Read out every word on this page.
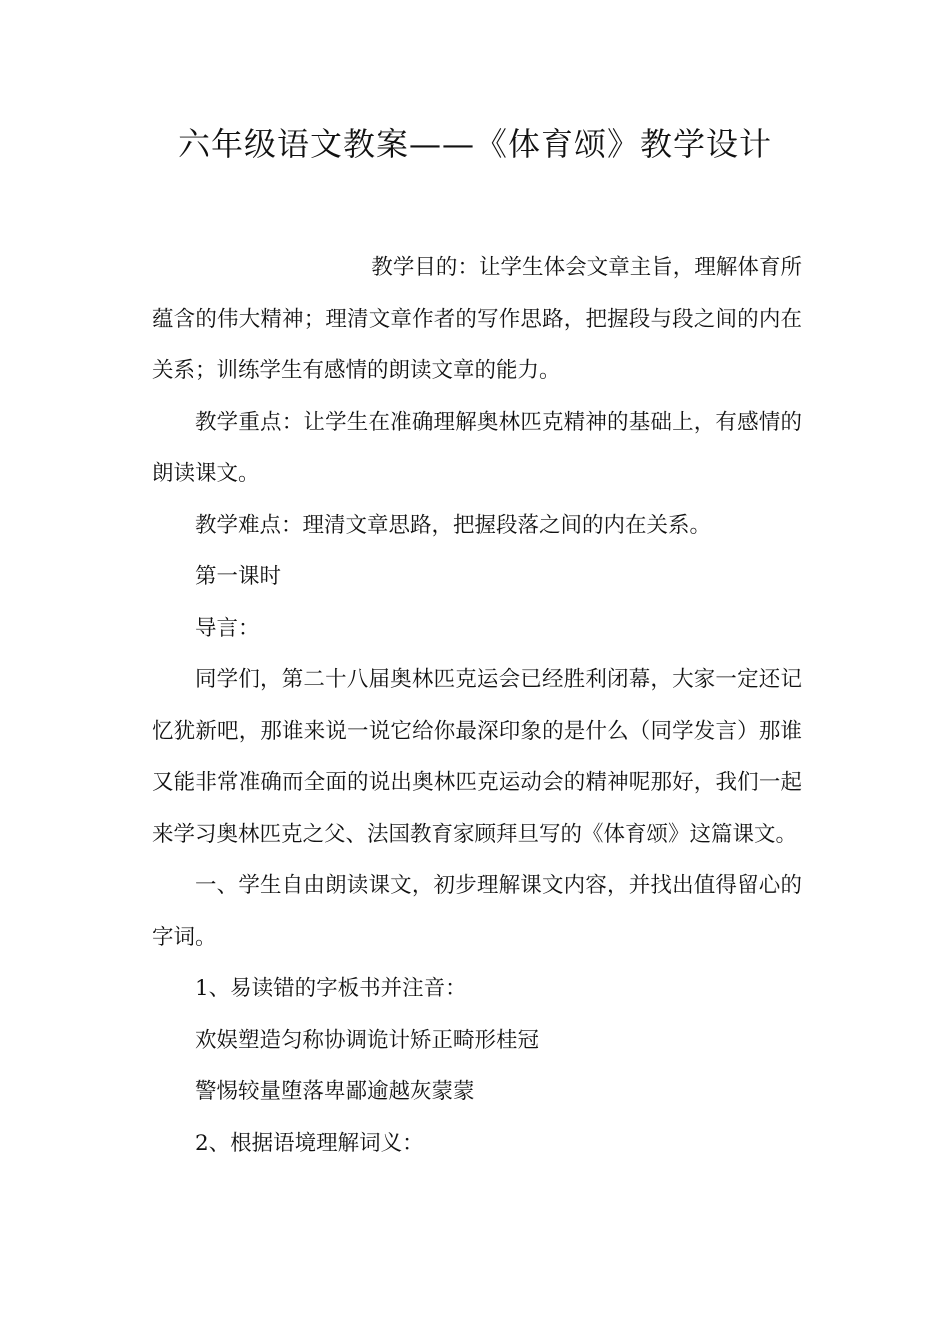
六年级语文教案——《体育颂》教学设计

教学目的：让学生体会文章主旨，理解体育所蕴含的伟大精神；理清文章作者的写作思路，把握段与段之间的内在关系；训练学生有感情的朗读文章的能力。

教学重点：让学生在准确理解奥林匹克精神的基础上，有感情的朗读课文。

教学难点：理清文章思路，把握段落之间的内在关系。

第一课时

导言：

同学们，第二十八届奥林匹克运会已经胜利闭幕，大家一定还记忆犹新吧，那谁来说一说它给你最深印象的是什么（同学发言）那谁又能非常准确而全面的说出奥林匹克运动会的精神呢那好，我们一起来学习奥林匹克之父、法国教育家顾拜旦写的《体育颂》这篇课文。

一、学生自由朗读课文，初步理解课文内容，并找出值得留心的字词。

1、易读错的字板书并注音：

欢娱塑造匀称协调诡计矫正畸形桂冠

警惕较量堕落卑鄙逾越灰蒙蒙

2、根据语境理解词义：
